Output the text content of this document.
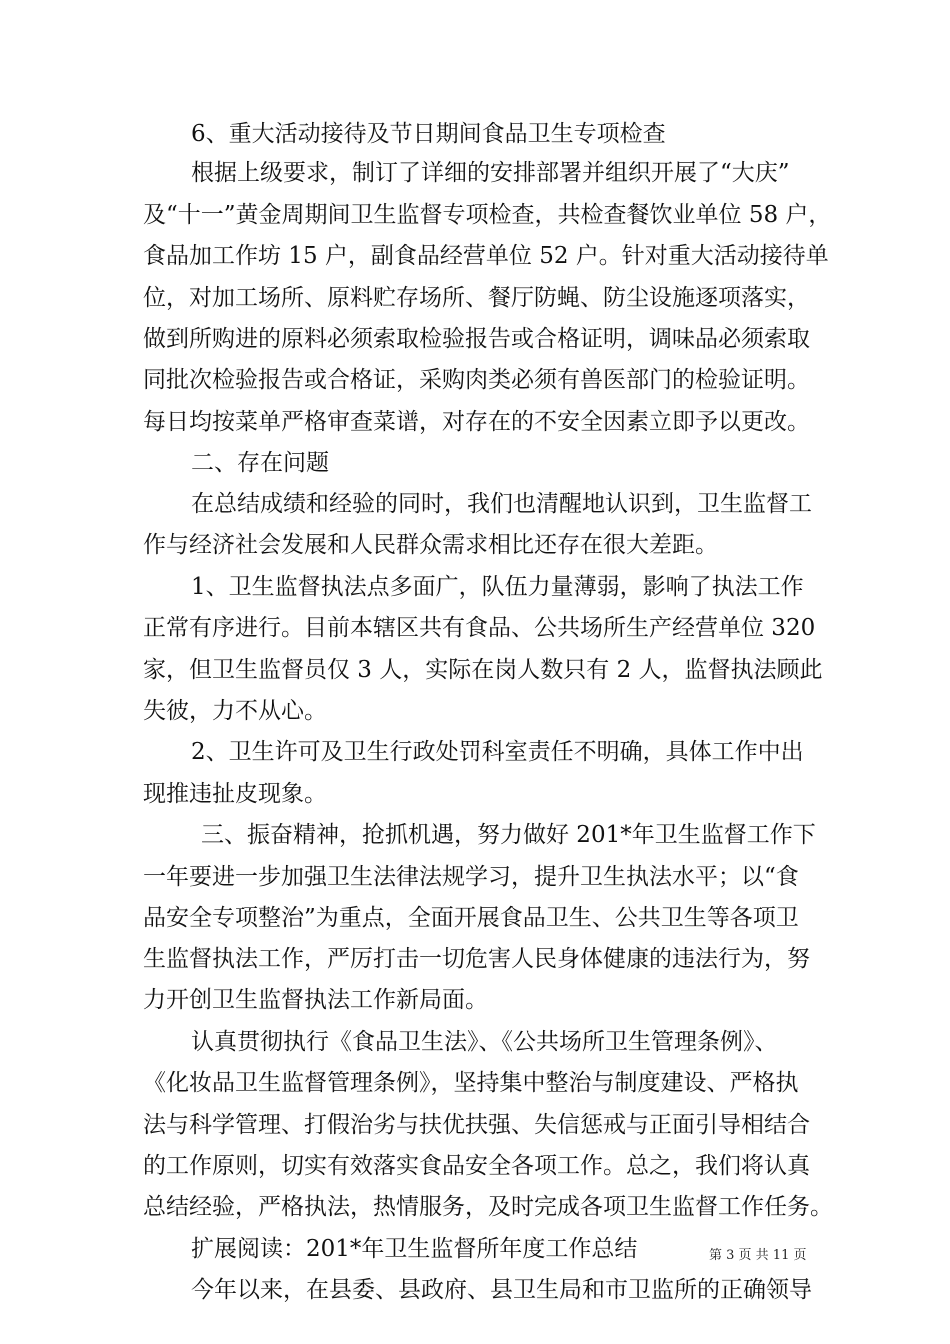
6、重大活动接待及节日期间食品卫生专项检查
根据上级要求，制订了详细的安排部署并组织开展了“大庆”
及“十一”黄金周期间卫生监督专项检查，共检查餐饮业单位 58 户，
食品加工作坊 15 户，副食品经营单位 52 户。针对重大活动接待单
位，对加工场所、原料贮存场所、餐厅防蝇、防尘设施逐项落实，
做到所购进的原料必须索取检验报告或合格证明，调味品必须索取
同批次检验报告或合格证，采购肉类必须有兽医部门的检验证明。
每日均按菜单严格审查菜谱，对存在的不安全因素立即予以更改。
二、存在问题
在总结成绩和经验的同时，我们也清醒地认识到，卫生监督工
作与经济社会发展和人民群众需求相比还存在很大差距。
1、卫生监督执法点多面广，队伍力量薄弱，影响了执法工作
正常有序进行。目前本辖区共有食品、公共场所生产经营单位 320
家，但卫生监督员仅 3 人，实际在岗人数只有 2 人，监督执法顾此
失彼，力不从心。
2、卫生许可及卫生行政处罚科室责任不明确，具体工作中出
现推违扯皮现象。
三、振奋精神，抢抓机遇，努力做好 201*年卫生监督工作下
一年要进一步加强卫生法律法规学习，提升卫生执法水平；以“食
品安全专项整治”为重点，全面开展食品卫生、公共卫生等各项卫
生监督执法工作，严厉打击一切危害人民身体健康的违法行为，努
力开创卫生监督执法工作新局面。
认真贯彻执行《食品卫生法》、《公共场所卫生管理条例》、
《化妆品卫生监督管理条例》，坚持集中整治与制度建设、严格执
法与科学管理、打假治劣与扶优扶强、失信惩戒与正面引导相结合
的工作原则，切实有效落实食品安全各项工作。总之，我们将认真
总结经验，严格执法，热情服务，及时完成各项卫生监督工作任务。
扩展阅读：201*年卫生监督所年度工作总结
今年以来，在县委、县政府、县卫生局和市卫监所的正确领导
第 3 页 共 11 页
